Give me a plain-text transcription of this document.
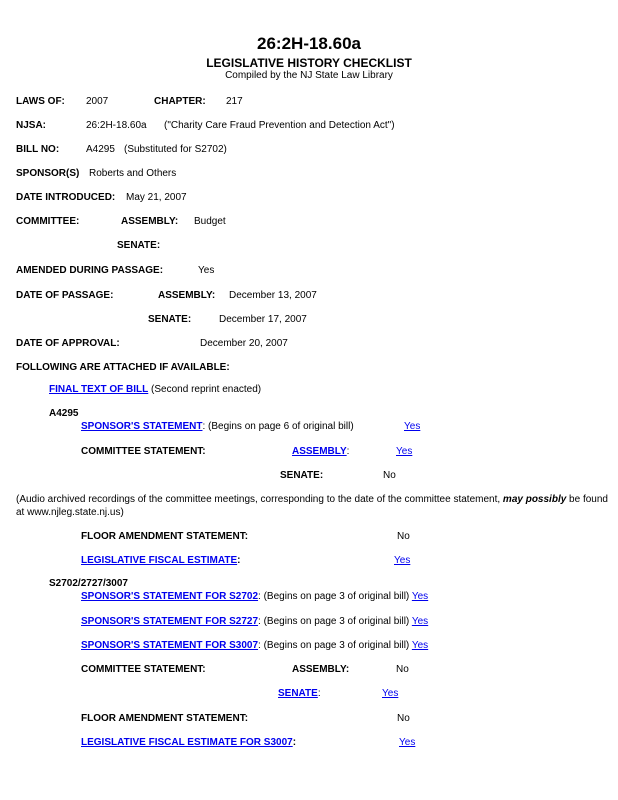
26:2H-18.60a
LEGISLATIVE HISTORY CHECKLIST
Compiled by the NJ State Law Library
LAWS OF: 2007	CHAPTER: 217
NJSA:	26:2H-18.60a ("Charity Care Fraud Prevention and Detection Act")
BILL NO:	A4295 (Substituted for S2702)
SPONSOR(S) Roberts and Others
DATE INTRODUCED: May 21, 2007
COMMITTEE:	ASSEMBLY: Budget
SENATE:
AMENDED DURING PASSAGE:	Yes
DATE OF PASSAGE:	ASSEMBLY: December 13, 2007
SENATE:	December 17, 2007
DATE OF APPROVAL:	December 20, 2007
FOLLOWING ARE ATTACHED IF AVAILABLE:
FINAL TEXT OF BILL (Second reprint enacted)
A4295
SPONSOR'S STATEMENT: (Begins on page 6 of original bill)	Yes
COMMITTEE STATEMENT:	ASSEMBLY:	Yes
SENATE:	No
(Audio archived recordings of the committee meetings, corresponding to the date of the committee statement, may possibly be found
at www.njleg.state.nj.us)
FLOOR AMENDMENT STATEMENT:	No
LEGISLATIVE FISCAL ESTIMATE:	Yes
S2702/2727/3007
SPONSOR'S STATEMENT FOR S2702: (Begins on page 3 of original bill) Yes
SPONSOR'S STATEMENT FOR S2727: (Begins on page 3 of original bill) Yes
SPONSOR'S STATEMENT FOR S3007: (Begins on page 3 of original bill) Yes
COMMITTEE STATEMENT:	ASSEMBLY:	No
SENATE:	Yes
FLOOR AMENDMENT STATEMENT:	No
LEGISLATIVE FISCAL ESTIMATE FOR S3007:	Yes
